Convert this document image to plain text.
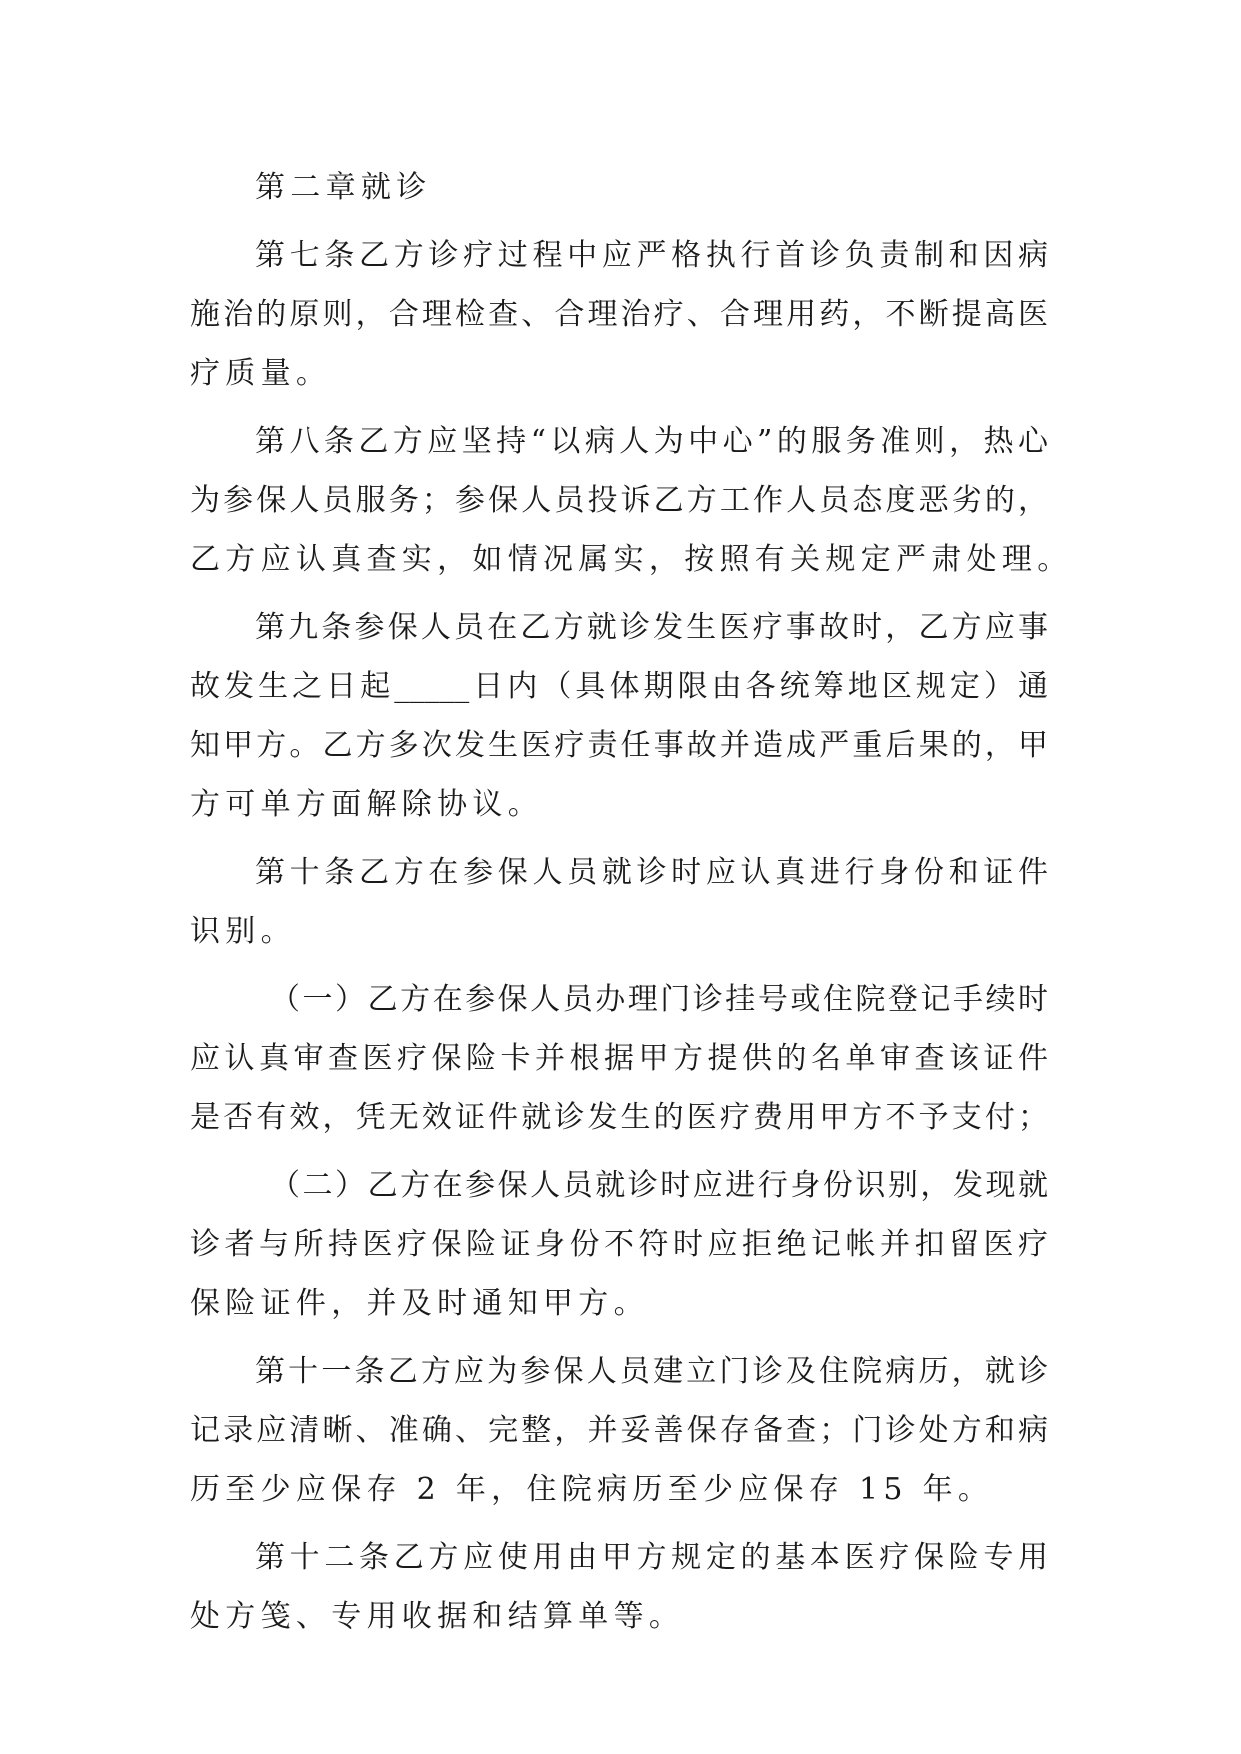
第二章就诊
第七条乙方诊疗过程中应严格执行首诊负责制和因病
施治的原则，合理检查、合理治疗、合理用药，不断提高医
疗质量。
第八条乙方应坚持“以病人为中心”的服务准则，热心
为参保人员服务；参保人员投诉乙方工作人员态度恶劣的，
乙方应认真查实，如情况属实，按照有关规定严肃处理。
第九条参保人员在乙方就诊发生医疗事故时，乙方应事
故发生之日起_____日内（具体期限由各统筹地区规定）通
知甲方。乙方多次发生医疗责任事故并造成严重后果的，甲
方可单方面解除协议。
第十条乙方在参保人员就诊时应认真进行身份和证件
识别。
（一）乙方在参保人员办理门诊挂号或住院登记手续时
应认真审查医疗保险卡并根据甲方提供的名单审查该证件
是否有效，凭无效证件就诊发生的医疗费用甲方不予支付；
（二）乙方在参保人员就诊时应进行身份识别，发现就
诊者与所持医疗保险证身份不符时应拒绝记帐并扣留医疗
保险证件，并及时通知甲方。
第十一条乙方应为参保人员建立门诊及住院病历，就诊
记录应清晰、准确、完整，并妥善保存备查；门诊处方和病
历至少应保存 2 年，住院病历至少应保存 15 年。
第十二条乙方应使用由甲方规定的基本医疗保险专用
处方笺、专用收据和结算单等。
